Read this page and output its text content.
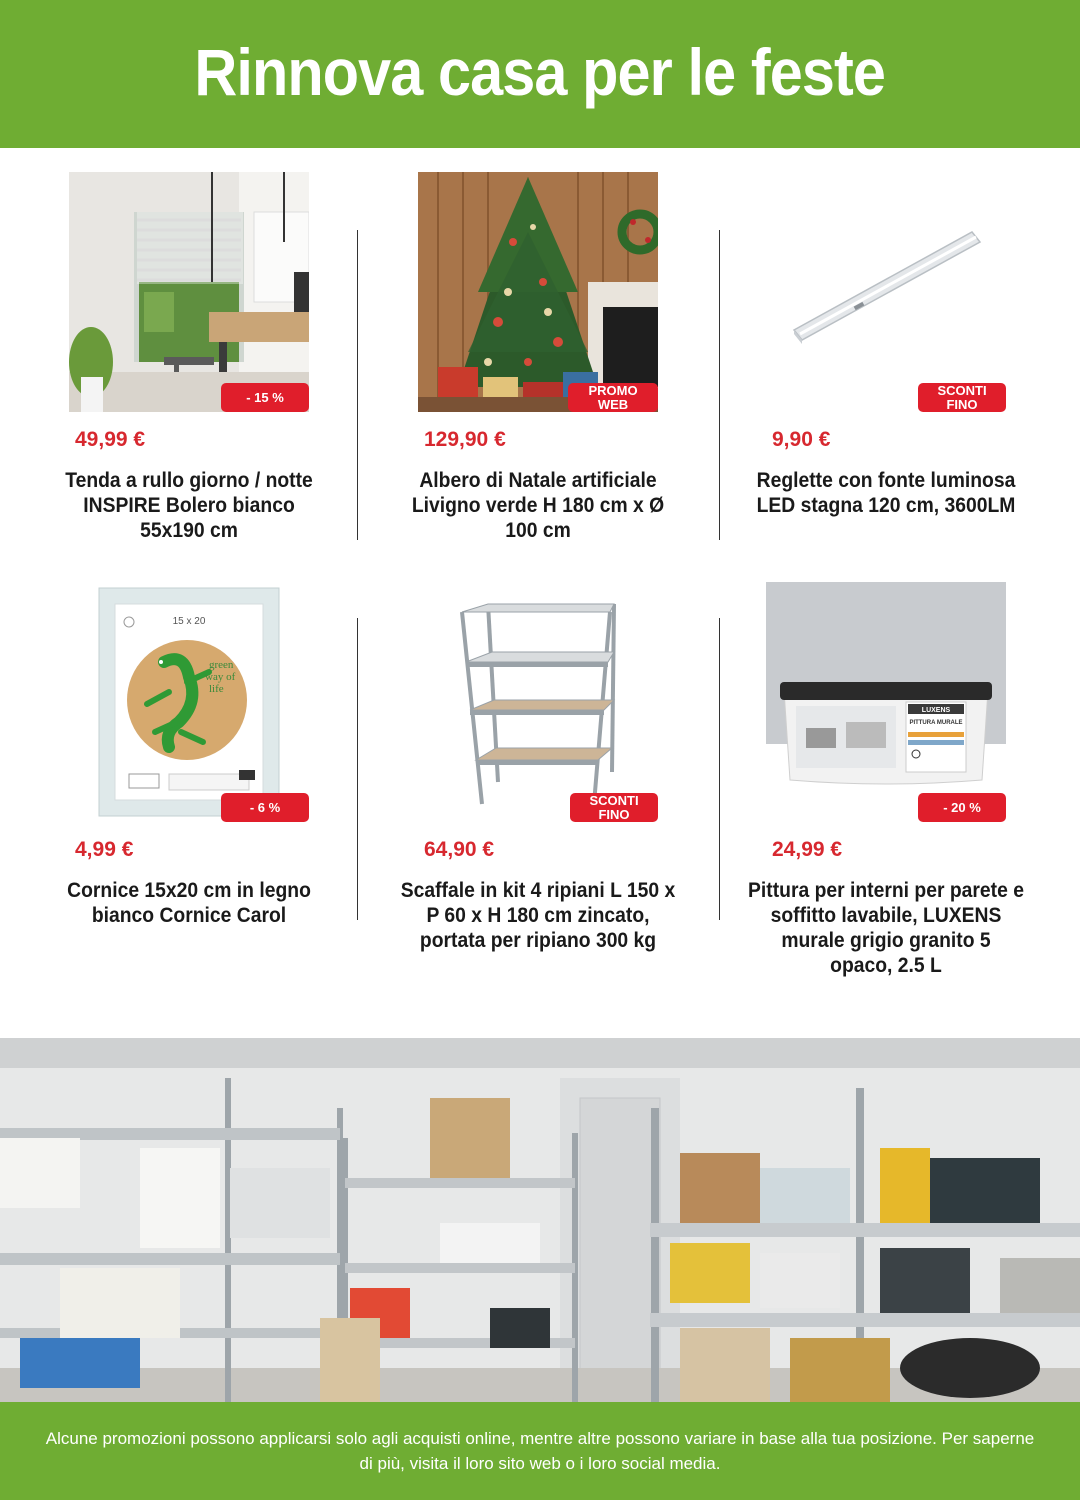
Rinnova casa per le feste
- 15 %
49,99 €
Tenda a rullo giorno / notte INSPIRE Bolero bianco 55x190 cm
PROMO
WEB
129,90 €
Albero di Natale artificiale Livigno verde H 180 cm x Ø 100 cm
SCONTI
FINO
9,90 €
Reglette con fonte luminosa LED stagna 120 cm, 3600LM
15 x 20
green way of life
- 6 %
4,99 €
Cornice 15x20 cm in legno bianco Cornice Carol
SCONTI
FINO
64,90 €
Scaffale in kit 4 ripiani L 150 x P 60 x H 180 cm zincato, portata per ripiano 300 kg
LUXENS
PITTURA MURALE
- 20 %
24,99 €
Pittura per interni per parete e soffitto lavabile, LUXENS murale grigio granito 5 opaco, 2.5 L

Alcune promozioni possono applicarsi solo agli acquisti online, mentre altre possono variare in base alla tua posizione. Per saperne di più, visita il loro sito web o i loro social media.
